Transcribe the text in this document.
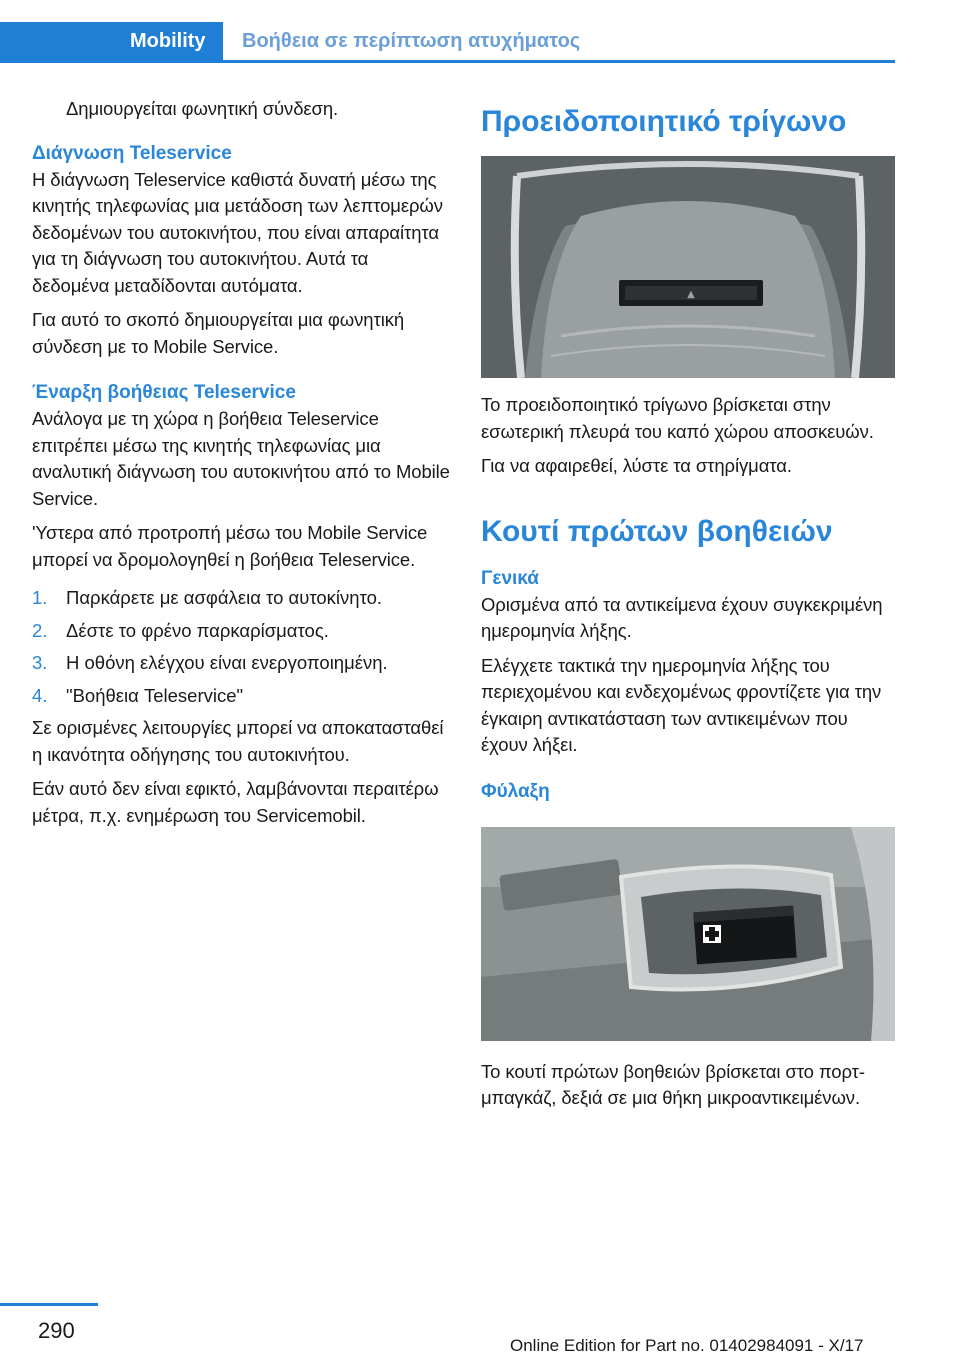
Mobility Βοήθεια σε περίπτωση ατυχήματος

Δημιουργείται φωνητική σύνδεση.

Διάγνωση Teleservice

Η διάγνωση Teleservice καθιστά δυνατή μέσω της κινητής τηλεφωνίας μια μετάδοση των λεπτομερών δεδομένων του αυτοκινήτου, που είναι απαραίτητα για τη διάγνωση του αυτοκινήτου. Αυτά τα δεδομένα μεταδίδονται αυτόματα.

Για αυτό το σκοπό δημιουργείται μια φωνητική σύνδεση με το Mobile Service.

Έναρξη βοήθειας Teleservice

Ανάλογα με τη χώρα η βοήθεια Teleservice επιτρέπει μέσω της κινητής τηλεφωνίας μια αναλυτική διάγνωση του αυτοκινήτου από το Mobile Service.

'Υστερα από προτροπή μέσω του Mobile Service μπορεί να δρομολογηθεί η βοήθεια Teleservice.

1.	Παρκάρετε με ασφάλεια το αυτοκίνητο.
2.	Δέστε το φρένο παρκαρίσματος.
3.	Η οθόνη ελέγχου είναι ενεργοποιημένη.
4.	"Βοήθεια Teleservice"

Σε ορισμένες λειτουργίες μπορεί να αποκατασταθεί η ικανότητα οδήγησης του αυτοκινήτου.

Εάν αυτό δεν είναι εφικτό, λαμβάνονται περαιτέρω μέτρα, π.χ. ενημέρωση του Servicemobil.

Προειδοποιητικό τρίγωνο
▲

Το προειδοποιητικό τρίγωνο βρίσκεται στην εσωτερική πλευρά του καπό χώρου αποσκευών.

Για να αφαιρεθεί, λύστε τα στηρίγματα.

Κουτί πρώτων βοηθειών
Γενικά

Ορισμένα από τα αντικείμενα έχουν συγκεκριμένη ημερομηνία λήξης.

Ελέγχετε τακτικά την ημερομηνία λήξης του περιεχομένου και ενδεχομένως φροντίζετε για την έγκαιρη αντικατάσταση των αντικειμένων που έχουν λήξει.

Φύλαξη

Το κουτί πρώτων βοηθειών βρίσκεται στο πορτ-μπαγκάζ, δεξιά σε μια θήκη μικροαντικειμένων.

290
Online Edition for Part no. 01402984091 - X/17
